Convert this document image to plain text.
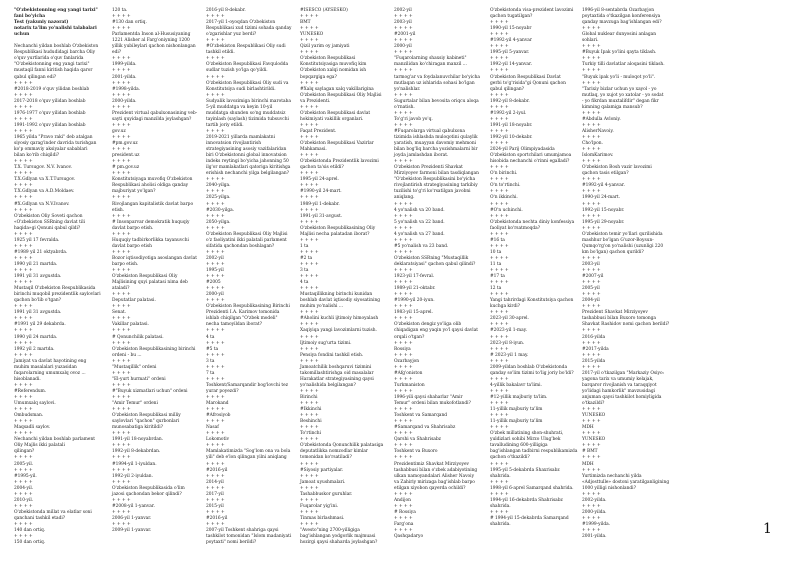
"O'zbekistonning eng yangi tarixi"
fani bo'yicha
Test (yakuniy nazorat)
notarix ta'lim yo'nalishi talabalari
uchun
Nechanchi yildan boshlab O'zbekiston
Respublikasi hududidagi barcha Oliy
o'quv yurtlarida o'quv fanlarida
"O'zbekistonning eng yangi tarixi"
mustaqil fanni kiritish haqida qaror
qabul qilingan edi?
+ + + +
#2018-2019 o'quv yilidan boshlab
+ + + +
2017-2018 o'quv yilidan boshlab
+ + + +
1976-1977 o'quv yilidan boshlab
+ + + +
1991-1992 o'quv yilidan boshlab
+ + + +
1965 yilda "Pravo raki" deb atalgan
siyosiy qarag'inder davrida turishgan
ko'p ommaviy aksiyalar sabablari
bilan ko'rib chiqildi?
+ + + +
T.X. Tursugov. N.V. Ivanov.
+ + + +
T.X.Gdlyan va X.T.Tursugov.
+ + + +
T.X.Gdlyan va A.D.Moldaev.
+ + + +
#X.Gdlyan va N.V.Ivanov.
+ + + +
O'zbekiston Oliy Soveti qachon
«O'zbekiston SSRning davlat tili
haqida»gi Qonuni qabul qildi?
+ + + +
1925 yil 17 fevralda.
+ + + +
#1989 yil 21 oktyabrda.
+ + + +
1990 yil 21 martda.
+ + + +
1991 yil 31 avgustda.
+ + + +
Mustaqil O'zbekiston Respublikasida
birinchi muqobil prezidentlik saylovlari
qachon bo'lib o'tgan?
+ + + +
1991 yil 31 avgustda.
+ + + +
#1991 yil 29 dekabrda.
+ + + +
1990 yil 24 martda.
+ + + +
1992 yil 2 martda.
+ + + +
Jamiyat va davlat hayotining eng
muhim masalalari yuzasidan
fuqarolarning umumxalq ovoz ...
hisoblanadi.
+ + + +
#Referendum.
+ + + +
Umumxalq saylovi.
+ + + +
Ombudsman.
+ + + +
Maqsadli saylov.
+ + + +
Nechanchi yildan boshlab parlament
Oliy Majlis ikki palatali
qilingan?
+ + + +
2005-yil.
+ + + +
#1995-yil.
+ + + +
2004-yil.
+ + + +
2010-yil.
+ + + +
O'zbekistonda millat va elatlar soni
qanchani tashkil etadi?
+ + + +
140 dan ortiq.
+ + + +
150 dan ortiq.
120 ta.
+ + + +
#130 dan ortiq.
+ + + +
Parlamentda Inson al-Hususiyaning
1221 Alisher al Fargʻoniyning 1200
yillik yubileylari qachon nishonlangan
edi?
+ + + +
1999-yilda.
+ + + +
2001-yilda.
+ + + +
#1998-yilda.
+ + + +
2000-yilda.
+ + + +
Prezident virtual qabulxonasining veb-
sayti quyidagi manzilda joylashgan?
+ + + +
gov.uz
+ + + +
#pm.gov.uz
+ + + +
president.uz
+ + + +
# pm.gov.uz
+ + + +
Konstitutsiyaga muvofiq O'zbekiston
Respublikasi aholisi oldiga qanday
majburiyat yo'lgan?
+ + + +
Rivojlangan kapitalistik davlat barpo
etish.
+ + + +
# Insonparvar demokratik huquqiy
davlat barpo etish.
+ + + +
Huquqiy tadbirkorlikka tayanuvchi
davlat barpo etish
+ + + +
Bozor iqtisodiyotiga asoslangan davlat
barpo etish.
+ + + +
O'zbekiston Respublikasi Oliy
Majlisining quyi palatasi nima deb
ataladi?
+ + + +
Deputatlar palatasi.
+ + + +
Senat.
+ + + +
Vakillar palatasi.
+ + + +
# Qonunchilik palatasi.
+ + + +
O'zbekiston Respublikasining birinchi
ordeni - bu ...
+ + + +
"Mustaqillik" ordeni
+ + + +
"El-yurt hurmati" ordeni
+ + + +
#"Buyuk xizmatlari uchun" ordeni
+ + + +
"Amir Temur" ordeni
+ + + +
O'zbekiston Respublikasi milliy
saylovlari "qachon" qurbonlari
munosabatiga kiritildi?
+ + + +
1991-yil 18-noyabrdan.
+ + + +
1992-yil 8-dekabrdan.
+ + + +
#1994-yil 1-iyuldan.
+ + + +
1992-yil 2-iyuldan.
+ + + +
O'zbekiston Respublikasida o'lim
jazosi qachondan bekor qilindi?
+ + + +
#2008-yil 1-yanvar.
+ + + +
2006-yil 1-yanvar.
+ + + +
2009-yil 1-yanvar.
2016-yil 8-dekabr.
+ + + +
2017-yil 1-oyoqdan O'zbekiston
Respublikasi xud tizimi sohada qanday
o'zgarishlar yuz berdi?
+ + + +
#O'zbekiston Respublikasi Oliy sudi
tashkil etildi.
+ + + +
O'zbekiston Respublikasi Favqulodda
sudlar tuzish yo'lga qo'yildi.
+ + + +
O'zbekiston Respublikasi Oliy sudi va
Konstitutsiya sudi birlashtirildi.
+ + + +
Sudyalik lavozimiga birinchi marotaba
5-yil muddatga va keyin 10-yil
muddatga shunden so'ng muddatsiz
tayinlash (saylash) tizimida tubsuvchi
tartib joriy etildi.
+ + + +
2019-2021 yillarda mamlakatni
innovatsion rivojlantirish
strategiyasining asosiy vazifalaridan
biri O'zbekistonni global innovatsion
indeks reytingi bo'yicha jahonning 50
ilg'or mamlakatlari qatoriga kiritishga
erishish nechanchi yilga belgilangan?
+ + + +
2040-yilga.
+ + + +
2025-yilga.
+ + + +
#2030-yilga.
+ + + +
2050-yilga.
+ + + +
O'zbekiston Respublikasi Oliy Majlisi
o'z faoliyatini ikki palatali parlament
sifatida qachondan boshlagan?
+ + + +
2002-yil
+ + + +
1995-yil
+ + + +
#2005
+ + + +
2000-yil
+ + + +
O'zbekiston Respublikasining Birinchi
Prezidenti I.A. Karimov tomonida
ishlab chiqilgan "O'zbek modeli"
necha tamoyildan iborat?
+ + + +
4 ta
+ + + +
#5 ta
+ + + +
3 ta
+ + + +
7 ta
+ + + +
Toshkent/Samarqandir bog'lovchi tez
yurar poyezdi?
+ + + +
Marokand
+ + + +
#Afrosiyob
+ + + +
Nasaf
+ + + +
Lokomotiv
+ + + +
Mamlakatimizda "Sog'lom ona va bola
yili" deb e'lon qilingan yilni aniqlang
+ + + +
#2016-yil
+ + + +
2014-yil
+ + + +
2017-yil
+ + + +
2015-yil
+ + + +
#2016-yil
+ + + +
2007-yil Toshkent shahriga qaysi
tashkilot tomonidan "Islom madaniyati
poytaxti" nomi berildi?
#ISESCO (AYSESKO)
+ + + +
BMT
+ + + +
YUNESKO
+ + + +
Qizil yarim oy jamiyati
+ + + +
O'zbekiston Respublikasi
Konstitutsiyasiga muvofiq kim
O'zbekiston xalqi nomidan ish
bopqargiga ega?
+ + + +
#Xalq saylagan xalq vakillarigina
O'zbekiston Respublikasi Oliy Majlisi
va Prezidenti.
+ + + +
O'zbekiston Respublikasi davlat
hokimiyati vakillik organlari.
+ + + +
Faqat Prezident.
+ + + +
O'zbekiston Respublikasi Vazirlar
Mahkamasi.
+ + + +
O'zbekistonda Prezidentlik lavozimi
qachon ta'sis etildi?
+ + + +
1995-yil 24-aprel.
+ + + +
#1990-yil 24-mart.
+ + + +
1989-yil 1-dekabr.
+ + + +
1991-yil 31-avgust.
+ + + +
O'zbekiston Respublikasining Oliy
Majlisi necha palatadan iborat?
+ + + +
1 ta
+ + + +
#2 ta
+ + + +
3 ta
+ + + +
4 ta
+ + + +
Mustaqillikning birinchi kunidan
boshlab davlat iqtisodiy siyosatining
muhim yo'nalishi ...
+ + + +
#Aholini kuchli ijtimoiy himoyalash
+ + + +
Xaqiyiqa yangi lavozimlarni tuzish.
+ + + +
Ijtimoiy sug'urta tizimi.
+ + + +
Pensiya fondini tashkil etish.
+ + + +
Jamoatchilik boshqaruvi tizimini
takomillashtirishga oid masalalar
Harakatlar strategiyasining qaysi
yo'nalishida belgilangan?
+ + + +
Birinchi
+ + + +
#Ikkinchi
+ + + +
Beshinchi
+ + + +
To'rtinchi
+ + + +
O'zbekistonda Qonunchilik palatasiga
deputatlikka nomzodlar kimlar
tomonidan ko'rsatiladi?
+ + + +
#Siyosiy partiyalar.
+ + + +
Jamoat uyushmalari.
+ + + +
Tashabbuskor guruhlar.
+ + + +
Fuqarolar yig'ini.
+ + + +
Tinmas birlashmasi.
+ + + +
"Avesto"ning 2700-yilligiga
bag'ishlangan yodgorlik majmuasi
hozirgi qaysi shaharda joylashgan?
2002-yil
+ + + +
2003-yil
+ + + +
#2001-yil
+ + + +
2000-yil
+ + + +
"Fuqarolarning shaxsiy kabineti"
manzilidan ko'chiragan manzil ...
+ + + +
tarmog'ar va foydalanuvchilar bo'yicha
mutlaqan uz ishlarida sohasi bo'lgan
yo'nalishlar.
+ + + +
Sugurtalar bilan bevosita oriqcu aloqa
o'rnatish.
+ + + +
To'g'ri javob yo'q.
+ + + +
#Fuqarolarga virtual qabulxona
tizimida ishlashda muloqotini qulaylik
yaratish, muayyan davomiy mehmoni
bilan bog'liq barcha yozishmalarni bir
joyda jamlashdan iborat.
+ + + +
O'zbekiston Prezidenti Shavkat
Mirziyoyev farmoni bilan tasdiqlangan
"O'zbekiston Respublikasini bo'yicha
rivojlantirish strategiyasining tarkibiy
tuzilishi to'g'ri ko'rsatilgan javobni
aniqlang.
+ + + +
4 yo'nalish va 20 band.
+ + + +
5 yo'nalish va 22 band.
+ + + +
4 yo'nalish va 27 band.
+ + + +
#5 yo'nalish va 23 band.
+ + + +
O'zbekiston SSRning "Mustaqillik
deklaratsiyasi" qachon qabul qilindi?
+ + + +
1923-yil 17-fevral.
+ + + +
1989-yil 21-oktabr.
+ + + +
#1990-yil 20-iyun.
+ + + +
1983-yil 15-aprel.
+ + + +
O'zbekiston dengiz yo'liga olib
chiqadigan eng yaqin yo'l qaysi davlat
orqali o'tgan?
+ + + +
Rossiya
+ + + +
Ozarbayjon
+ + + +
#Afg'oniston
+ + + +
Turkmaniston
+ + + +
1996-yili qaysi shaharlar "Amir
Temur" ordeni bilan mukofotlandi?
+ + + +
Toshkent va Samarqand
+ + + +
#Samarqand va Shahrisabz
+ + + +
Qarshi va Shahrisabz
+ + + +
Toshkent va Buxoro
+ + + +
Prezidentimiz Shavkat Mirziyoyev
tashabbusi bilan o'zbek adabiyotining
ulkan namoyandalari Alisher Navoiy
va Zahiriy mirizaga bag'ishlab barpo
etilgan xiyobon qayerda ochildi?
+ + + +
Andijon
+ + + +
# Rossiya
+ + + +
Farg'ona
+ + + +
Qashqadaryo
O'zbekistonda visa-prezident lavozimi
qachon tugatilgan?
+ + + +
1990-yil 15-noyabr
+ + + +
#1992-yil 4-yanvar
+ + + +
1995-yil 5-yanvar.
+ + + +
1992-yil 14-yanvar.
+ + + +
O'zbekiston Respublikasi Davlat
gerbi to'g'risida"gi Qonuni qachon
qabul qilingan?
+ + + +
1992-yil 8-dekabr.
+ + + +
#1992-yil 2-iyul.
+ + + +
1991-yil 18-noyabr.
+ + + +
1992-yil 10-dekabr.
+ + + +
2024-yil Parij Olimpiyadasida
O'zbekiston sportchilari umumjamoa
hisobida nechanchi o'rinni egalladi?
+ + + +
O'n birinchi.
+ + + +
O'n to'rtinchi.
+ + + +
O'n ikkinchi.
+ + + +
#O'n uchinchi.
+ + + +
O'zbekistonda nechta diniy konfessiya
faoliyat ko'rsatmoqda?
+ + + +
#16 ta
+ + + +
10 ta
+ + + +
11 ta
+ + + +
#17 ta
+ + + +
12 ta
+ + + +
Yangi tahrirdagi Konstitutsiya qachon
kuchga kirdi?
+ + + +
2023-yil 30-aprel.
+ + + +
#2023-yil 1-may.
+ + + +
2023-yil 8-iyun.
+ + + +
# 2023-yil 1 may.
+ + + +
2009-yildan boshlab O'zbekistonda
qanday so'lim tizimi to'lig joriy bo'ldi?
+ + + +
4-yillik bakalavr ta'limi.
+ + + +
#12-yillik majburiy ta'lim.
+ + + +
11-yillik majburiy ta'lim
+ + + +
11-yillik majburiy ta'lim
+ + + +
O'zbek millatining shon-shuhrati,
yuldizlari sohibi Mirzo Ulug'bek
tavalludining 600-yilligiga
bag'ishlangan tadbirni respublikamizda
qachon o'tkazildi?
+ + + +
1995-yil 5-dekabrda Shaxrisabz
shahrida.
+ + + +
1998-yil 6-aprel Samarqand shahrida.
+ + + +
1994-yil 16-dekabrda Shahrisabz
shahrida.
+ + + +
# 1994-yil 15-dekabrda Samarqand
shahrida.
1996-yil 8-sentabrda Ozarbayjon
poytaxtida o'tkazilgan konferensiya
qanday mavzuga bag'ishlangan edi?
+ + + +
Global nuklear dunyosini anlagan
sohlari.
+ + + +
#Buyuk Ipak yo'lini qayta tiklash.
+ + + +
Turkiy tilli davlatlar aloqasini tiklash.
+ + + +
"Buyuk ipak yo'li - muloqot yo'li".
+ + + +
"Tarixiy bizlar uchun yo xayol - yo
mutlaq, yo xujot yo xatolar - yo sodat
- yo fikrdan muxtalifdir" degan fikr
kimning qalamiga mansub?
+ + + +
#Abdulla Avloniy.
+ + + +
AlisherNavoiy.
+ + + +
Cho'lpon.
+ + + +
IslomKarimov.
+ + + +
O'zbekiston Bosh vazir lavozimi
qachon tasis etilgan?
+ + + +
#1992-yil 4-yanvar.
+ + + +
1990-yil 24-mart.
+ + + +
1992-yil 15-noyabr.
+ + + +
1995-yil 29-noyabr.
+ + + +
O'zbekiston temir yo'llari qurilishida
mashhur bo'lgan G'uzor-Boysun-
Qumqo'rg'on yo'nalishi (uzunligi 220
km bo'lgan) qachon qurildi?
+ + + +
2003-yil
+ + + +
#2007-yil
+ + + +
2005-yil
+ + + +
2004-yil
+ + + +
Prezident Shavkat Mirziyoyev
tashabbusi bilan Buxoro tomonga
Shavkat Rashidov nomi qachon berildi?
+ + + +
2016-yilda
+ + + +
#2017-yilda
+ + + +
2015-yilda
+ + + +
2017-yil o'tkazilgan "Markaziy Osiyo:
yagona tarix va umumiy kelajak,
barqaror rivojlanish va taraqqiyot
yo'lidagi hamkorlik" mavzusidagi
anjuman qaysi tashkilot homiyligida
o'tkazildi?
+ + + +
YUNESKO
+ + + +
MDH
+ + + +
YUNESKO
+ + + +
# BMT
+ + + +
MDH
+ + + +
Yurtimizda nechanchi yilda
«Adjosttulle» dostoni yaratilganligining
1000 yilligi nishonlandi?
+ + + +
2002-yilda.
+ + + +
2000-yilda.
+ + + +
#1999-yilda.
+ + + +
2001-yilda.	1
